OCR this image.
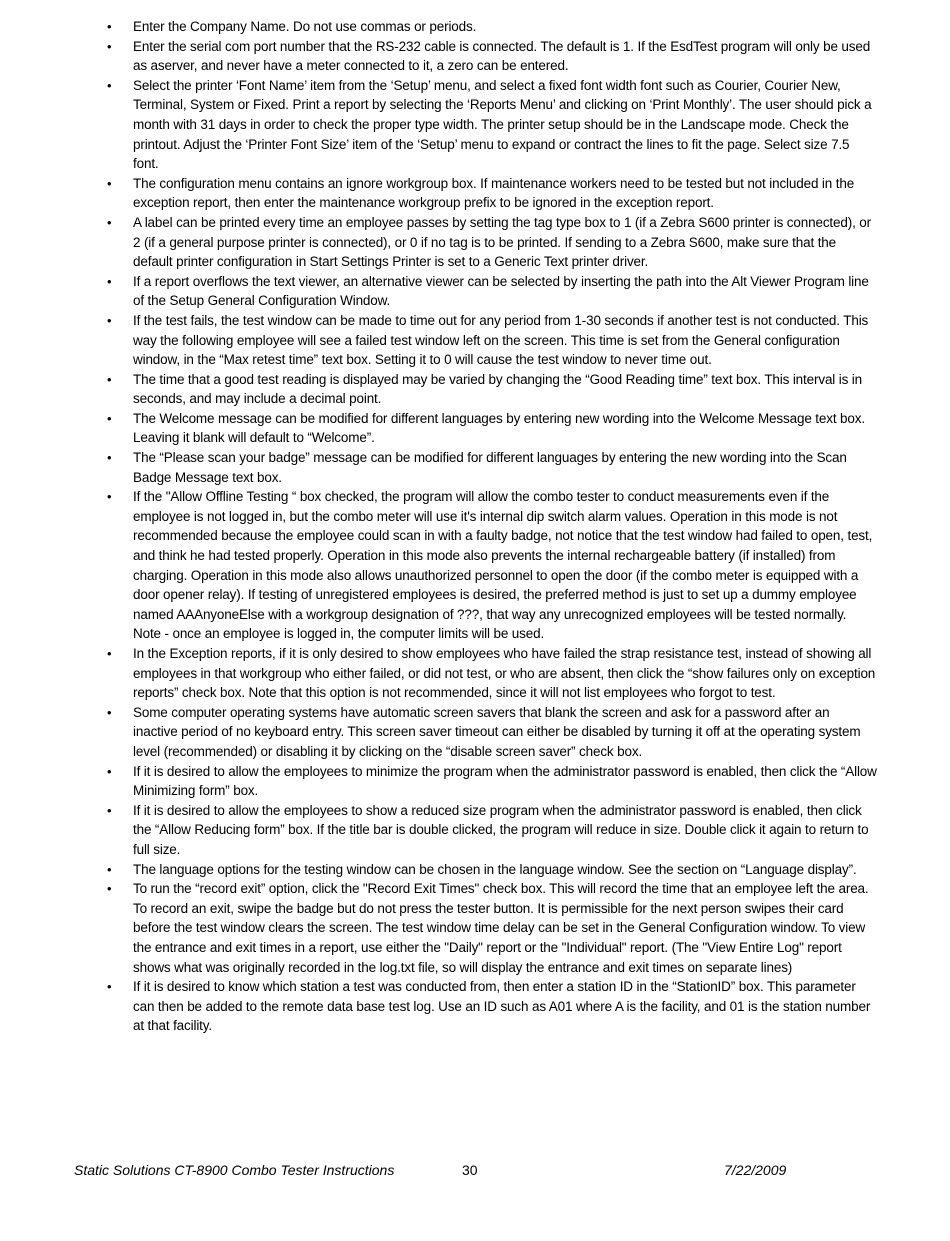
• Enter the Company Name. Do not use commas or periods.
• Enter the serial com port number that the RS-232 cable is connected. The default is 1. If the EsdTest program will only be used as aserver, and never have a meter connected to it, a zero can be entered.
• Select the printer ‘Font Name’ item from the ‘Setup’ menu, and select a fixed font width font such as Courier, Courier New, Terminal, System or Fixed. Print a report by selecting the ‘Reports Menu’ and clicking on ‘Print Monthly’. The user should pick a month with 31 days in order to check the proper type width. The printer setup should be in the Landscape mode. Check the printout. Adjust the ‘Printer Font Size’ item of the ‘Setup’ menu to expand or contract the lines to fit the page. Select size 7.5 font.
• The configuration menu contains an ignore workgroup box. If maintenance workers need to be tested but not included in the exception report, then enter the maintenance workgroup prefix to be ignored in the exception report.
• A label can be printed every time an employee passes by setting the tag type box to 1 (if a Zebra S600 printer is connected), or 2 (if a general purpose printer is connected), or 0 if no tag is to be printed. If sending to a Zebra S600, make sure that the default printer configuration in Start Settings Printer is set to a Generic Text printer driver.
• If a report overflows the text viewer, an alternative viewer can be selected by inserting the path into the Alt Viewer Program line of the Setup General Configuration Window.
• If the test fails, the test window can be made to time out for any period from 1-30 seconds if another test is not conducted. This way the following employee will see a failed test window left on the screen. This time is set from the General configuration window, in the “Max retest time” text box. Setting it to 0 will cause the test window to never time out.
• The time that a good test reading is displayed may be varied by changing the “Good Reading time” text box. This interval is in seconds, and may include a decimal point.
• The Welcome message can be modified for different languages by entering new wording into the Welcome Message text box. Leaving it blank will default to “Welcome”.
• The “Please scan your badge” message can be modified for different languages by entering the new wording into the Scan Badge Message text box.
• If the "Allow Offline Testing “ box checked, the program will allow the combo tester to conduct measurements even if the employee is not logged in, but the combo meter will use it's internal dip switch alarm values. Operation in this mode is not recommended because the employee could scan in with a faulty badge, not notice that the test window had failed to open, test, and think he had tested properly. Operation in this mode also prevents the internal rechargeable battery (if installed) from charging. Operation in this mode also allows unauthorized personnel to open the door (if the combo meter is equipped with a door opener relay). If testing of unregistered employees is desired, the preferred method is just to set up a dummy employee named AAAnyoneElse with a workgroup designation of ???, that way any unrecognized employees will be tested normally. Note - once an employee is logged in, the computer limits will be used.
• In the Exception reports, if it is only desired to show employees who have failed the strap resistance test, instead of showing all employees in that workgroup who either failed, or did not test, or who are absent, then click the “show failures only on exception reports” check box. Note that this option is not recommended, since it will not list employees who forgot to test.
• Some computer operating systems have automatic screen savers that blank the screen and ask for a password after an inactive period of no keyboard entry. This screen saver timeout can either be disabled by turning it off at the operating system level (recommended) or disabling it by clicking on the “disable screen saver” check box.
• If it is desired to allow the employees to minimize the program when the administrator password is enabled, then click the “Allow Minimizing form” box.
• If it is desired to allow the employees to show a reduced size program when the administrator password is enabled, then click the “Allow Reducing form” box. If the title bar is double clicked, the program will reduce in size. Double click it again to return to full size.
• The language options for the testing window can be chosen in the language window. See the section on “Language display”.
• To run the “record exit” option, click the "Record Exit Times" check box. This will record the time that an employee left the area. To record an exit, swipe the badge but do not press the tester button. It is permissible for the next person swipes their card before the test window clears the screen. The test window time delay can be set in the General Configuration window. To view the entrance and exit times in a report, use either the "Daily" report or the "Individual" report. (The "View Entire Log" report shows what was originally recorded in the log.txt file, so will display the entrance and exit times on separate lines)
• If it is desired to know which station a test was conducted from, then enter a station ID in the “StationID” box. This parameter can then be added to the remote data base test log. Use an ID such as A01 where A is the facility, and 01 is the station number at that facility.
Static Solutions CT-8900 Combo Tester Instructions	30	7/22/2009
